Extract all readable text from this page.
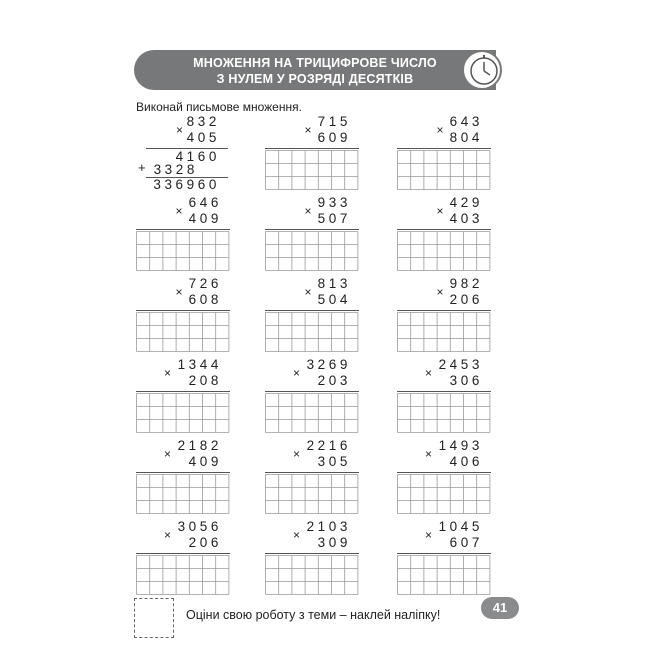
МНОЖЕННЯ НА ТРИЦИФРОВЕ ЧИСЛО
З НУЛЕМ У РОЗРЯДІ ДЕСЯТКІВ
Виконай письмове множення.
×
832
405
4160
+ 3328
336960
×
715
609	×
643
804
×
646
409	×
933
507	×
429
403
×
726
608	×
813
504	×
982
206
×
1344
208	×
3269
203	×
2453
306
×
2182
409	×
2216
305	×
1493
406
×
3056
206	×
2103
309	×
1045
607
Оціни свою роботу з теми – наклей наліпку!	41
